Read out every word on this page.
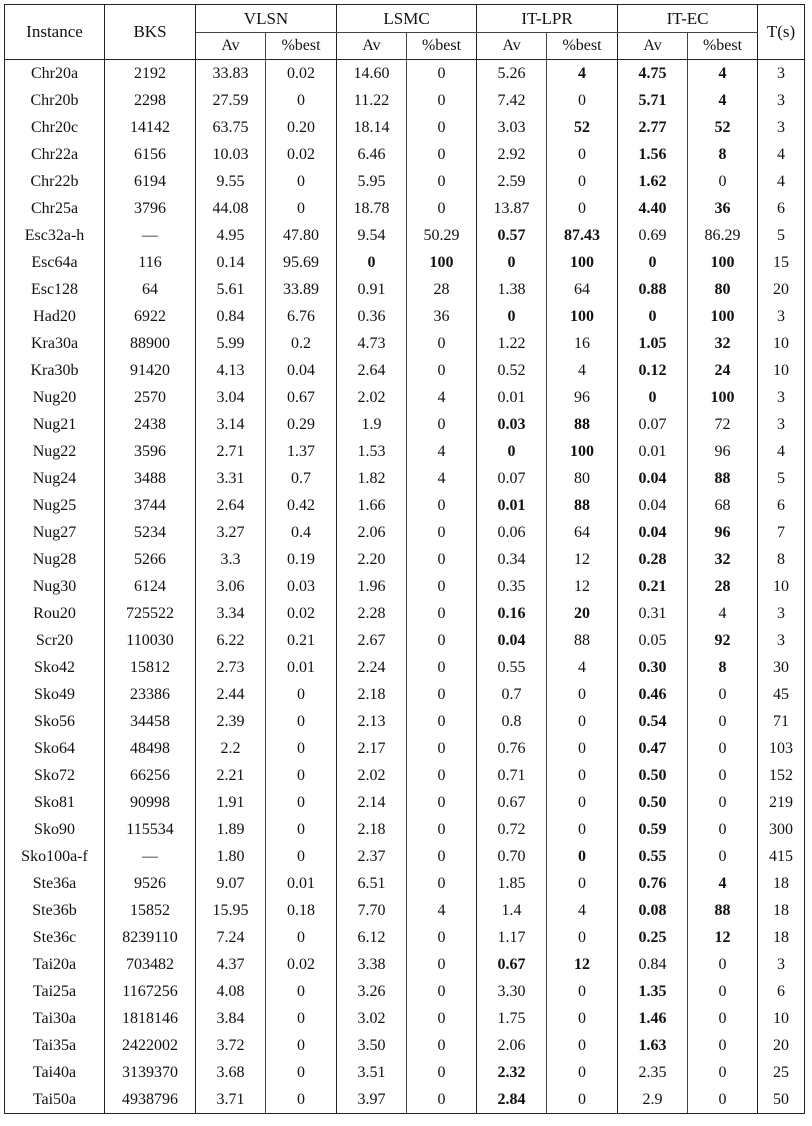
Instance	BKS	VLSN		LSMC		IT-LPR		IT-EC		T(s)
		Av	%best	Av	%best	Av	%best	Av	%best	
Chr20a	2192	33.83	0.02	14.60	0	5.26	4	4.75	4	3
Chr20b	2298	27.59	0	11.22	0	7.42	0	5.71	4	3
Chr20c	14142	63.75	0.20	18.14	0	3.03	52	2.77	52	3
Chr22a	6156	10.03	0.02	6.46	0	2.92	0	1.56	8	4
Chr22b	6194	9.55	0	5.95	0	2.59	0	1.62	0	4
Chr25a	3796	44.08	0	18.78	0	13.87	0	4.40	36	6
Esc32a-h	—	4.95	47.80	9.54	50.29	0.57	87.43	0.69	86.29	5
Esc64a	116	0.14	95.69	0	100	0	100	0	100	15
Esc128	64	5.61	33.89	0.91	28	1.38	64	0.88	80	20
Had20	6922	0.84	6.76	0.36	36	0	100	0	100	3
Kra30a	88900	5.99	0.2	4.73	0	1.22	16	1.05	32	10
Kra30b	91420	4.13	0.04	2.64	0	0.52	4	0.12	24	10
Nug20	2570	3.04	0.67	2.02	4	0.01	96	0	100	3
Nug21	2438	3.14	0.29	1.9	0	0.03	88	0.07	72	3
Nug22	3596	2.71	1.37	1.53	4	0	100	0.01	96	4
Nug24	3488	3.31	0.7	1.82	4	0.07	80	0.04	88	5
Nug25	3744	2.64	0.42	1.66	0	0.01	88	0.04	68	6
Nug27	5234	3.27	0.4	2.06	0	0.06	64	0.04	96	7
Nug28	5266	3.3	0.19	2.20	0	0.34	12	0.28	32	8
Nug30	6124	3.06	0.03	1.96	0	0.35	12	0.21	28	10
Rou20	725522	3.34	0.02	2.28	0	0.16	20	0.31	4	3
Scr20	110030	6.22	0.21	2.67	0	0.04	88	0.05	92	3
Sko42	15812	2.73	0.01	2.24	0	0.55	4	0.30	8	30
Sko49	23386	2.44	0	2.18	0	0.7	0	0.46	0	45
Sko56	34458	2.39	0	2.13	0	0.8	0	0.54	0	71
Sko64	48498	2.2	0	2.17	0	0.76	0	0.47	0	103
Sko72	66256	2.21	0	2.02	0	0.71	0	0.50	0	152
Sko81	90998	1.91	0	2.14	0	0.67	0	0.50	0	219
Sko90	115534	1.89	0	2.18	0	0.72	0	0.59	0	300
Sko100a-f	—	1.80	0	2.37	0	0.70	0	0.55	0	415
Ste36a	9526	9.07	0.01	6.51	0	1.85	0	0.76	4	18
Ste36b	15852	15.95	0.18	7.70	4	1.4	4	0.08	88	18
Ste36c	8239110	7.24	0	6.12	0	1.17	0	0.25	12	18
Tai20a	703482	4.37	0.02	3.38	0	0.67	12	0.84	0	3
Tai25a	1167256	4.08	0	3.26	0	3.30	0	1.35	0	6
Tai30a	1818146	3.84	0	3.02	0	1.75	0	1.46	0	10
Tai35a	2422002	3.72	0	3.50	0	2.06	0	1.63	0	20
Tai40a	3139370	3.68	0	3.51	0	2.32	0	2.35	0	25
Tai50a	4938796	3.71	0	3.97	0	2.84	0	2.9	0	50
